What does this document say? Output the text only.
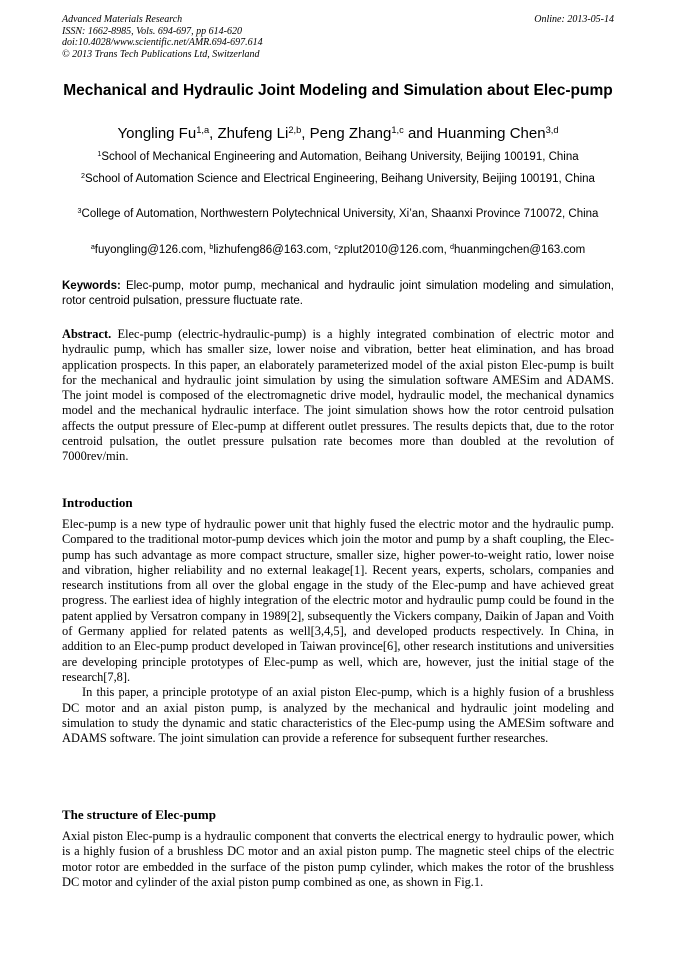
Advanced Materials Research
ISSN: 1662-8985, Vols. 694-697, pp 614-620
doi:10.4028/www.scientific.net/AMR.694-697.614
© 2013 Trans Tech Publications Ltd, Switzerland
Online: 2013-05-14
Mechanical and Hydraulic Joint Modeling and Simulation about Elec-pump
Yongling Fu$^{1,a}$, Zhufeng Li$^{2,b}$, Peng Zhang$^{1,c}$ and Huanming Chen$^{3,d}$
$^1$School of Mechanical Engineering and Automation, Beihang University, Beijing 100191, China
$^2$School of Automation Science and Electrical Engineering, Beihang University, Beijing 100191, China
$^3$College of Automation, Northwestern Polytechnical University, Xi’an, Shaanxi Province 710072, China
$^a$fuyongling@126.com, $^b$lizhufeng86@163.com, $^c$zplut2010@126.com, $^d$huanmingchen@163.com
Keywords: Elec-pump, motor pump, mechanical and hydraulic joint simulation modeling and simulation, rotor centroid pulsation, pressure fluctuate rate.

Abstract. Elec-pump (electric-hydraulic-pump) is a highly integrated combination of electric motor and hydraulic pump, which has smaller size, lower noise and vibration, better heat elimination, and has broad application prospects. In this paper, an elaborately parameterized model of the axial piston Elec-pump is built for the mechanical and hydraulic joint simulation by using the simulation software AMESim and ADAMS. The joint model is composed of the electromagnetic drive model, hydraulic model, the mechanical dynamics model and the mechanical hydraulic interface. The joint simulation shows how the rotor centroid pulsation affects the output pressure of Elec-pump at different outlet pressures. The results depicts that, due to the rotor centroid pulsation, the outlet pressure pulsation rate becomes more than doubled at the revolution of 7000rev/min.

Introduction

Elec-pump is a new type of hydraulic power unit that highly fused the electric motor and the hydraulic pump. Compared to the traditional motor-pump devices which join the motor and pump by a shaft coupling, the Elec-pump has such advantage as more compact structure, smaller size, higher power-to-weight ratio, lower noise and vibration, higher reliability and no external leakage[1]. Recent years, experts, scholars, companies and research institutions from all over the global engage in the study of the Elec-pump and have achieved great progress. The earliest idea of highly integration of the electric motor and hydraulic pump could be found in the patent applied by Versatron company in 1989[2], subsequently the Vickers company, Daikin of Japan and Voith of Germany applied for related patents as well[3,4,5], and developed products respectively. In China, in addition to an Elec-pump product developed in Taiwan province[6], other research institutions and universities are developing principle prototypes of Elec-pump as well, which are, however, just the initial stage of the research[7,8].

In this paper, a principle prototype of an axial piston Elec-pump, which is a highly fusion of a brushless DC motor and an axial piston pump, is analyzed by the mechanical and hydraulic joint modeling and simulation to study the dynamic and static characteristics of the Elec-pump using the AMESim software and ADAMS software. The joint simulation can provide a reference for subsequent further researches.

The structure of Elec-pump

Axial piston Elec-pump is a hydraulic component that converts the electrical energy to hydraulic power, which is a highly fusion of a brushless DC motor and an axial piston pump. The magnetic steel chips of the electric motor rotor are embedded in the surface of the piston pump cylinder, which makes the rotor of the brushless DC motor and cylinder of the axial piston pump combined as one, as shown in Fig.1.
